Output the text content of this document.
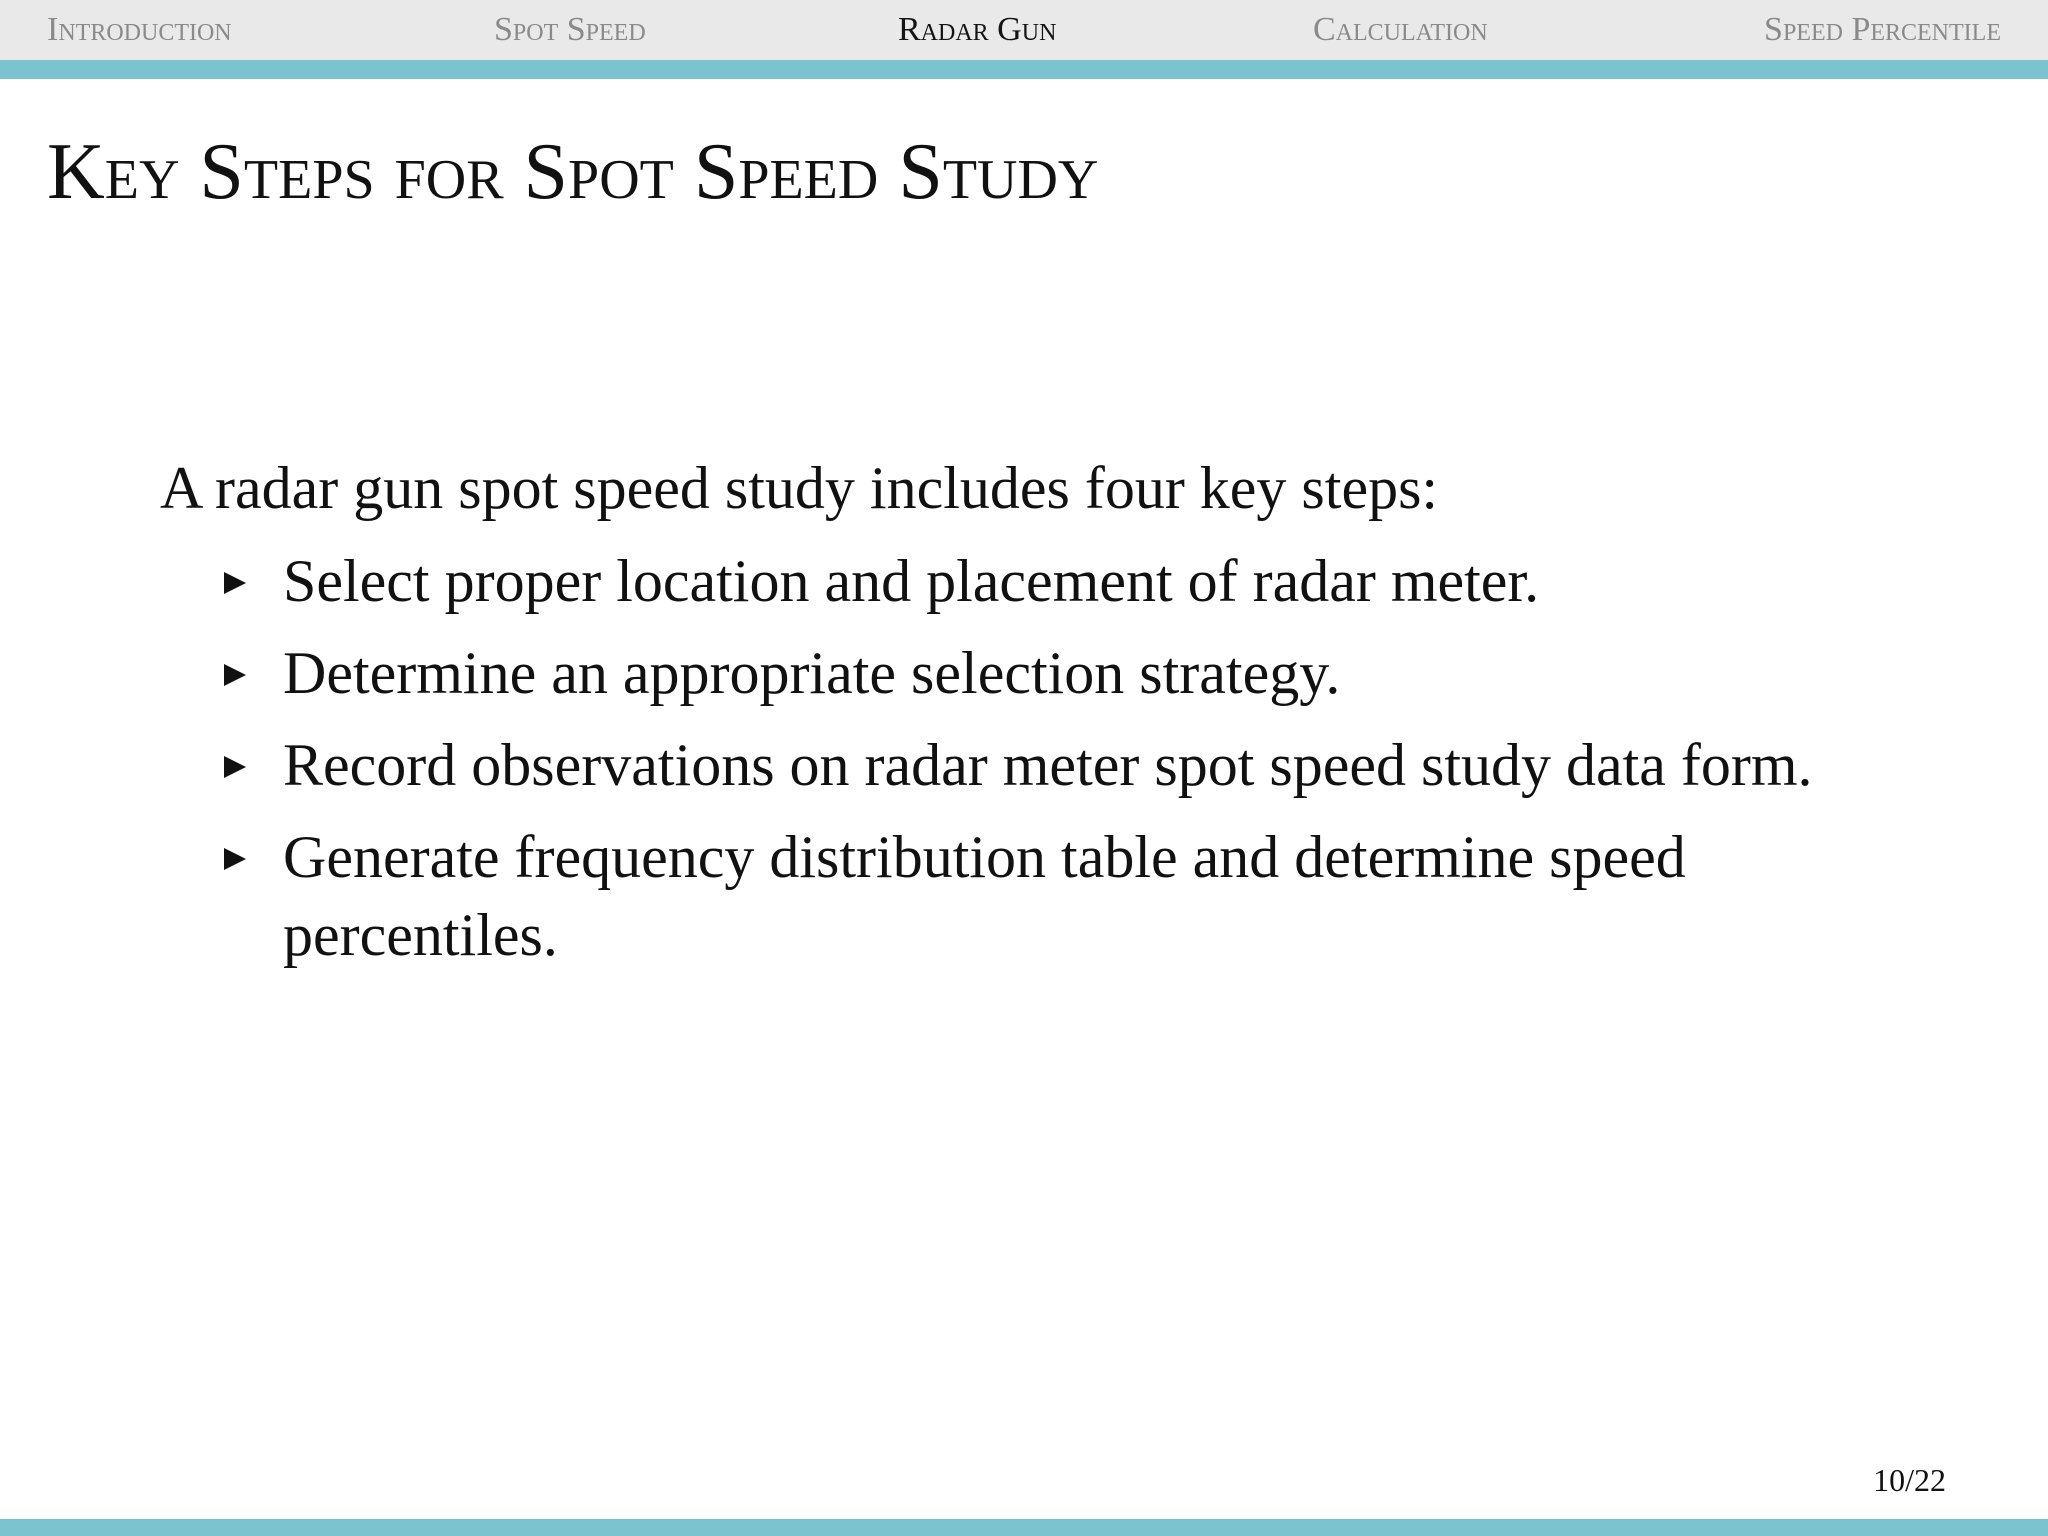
Introduction	Spot Speed	Radar Gun	Calculation	Speed Percentile
Key Steps for Spot Speed Study

A radar gun spot speed study includes four key steps:

Select proper location and placement of radar meter.
Determine an appropriate selection strategy.
Record observations on radar meter spot speed study data form.
Generate frequency distribution table and determine speed percentiles.
10/22
